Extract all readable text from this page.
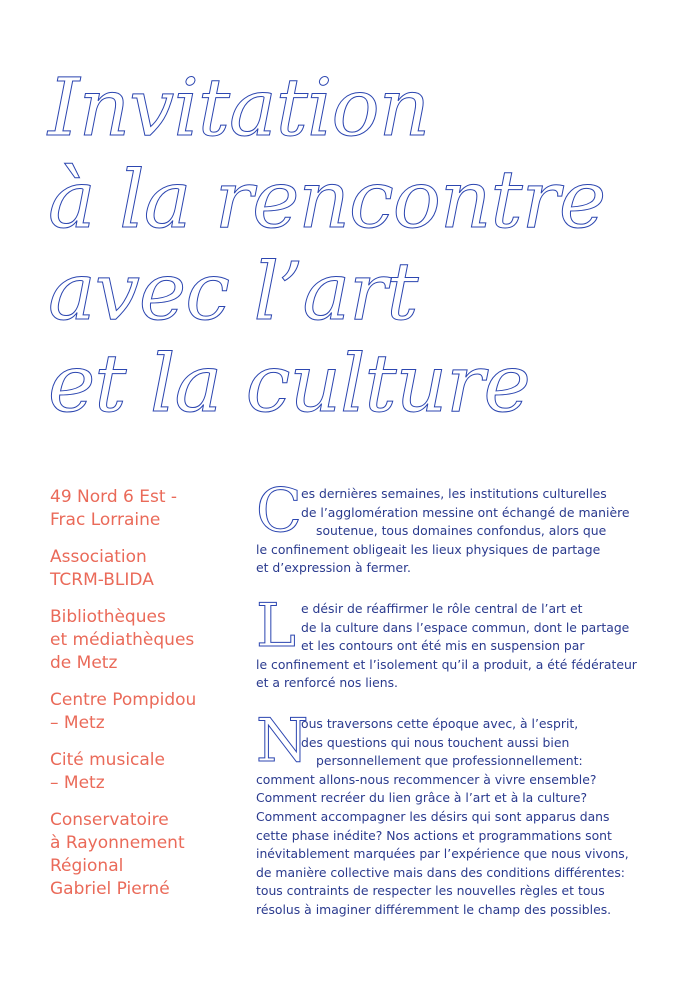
Invitation
à la rencontre
avec l’art
et la culture
49 Nord 6 Est -
Frac Lorraine
Association
TCRM-BLIDA
Bibliothèques
et médiathèques
de Metz
Centre Pompidou
– Metz
Cité musicale
– Metz
Conservatoire
à Rayonnement
Régional
Gabriel Pierné
C es dernières semaines, les institutions culturelles
de l’agglomération messine ont échangé de manière
soutenue, tous domaines confondus, alors que
le confinement obligeait les lieux physiques de partage
et d’expression à fermer.
L e désir de réaffirmer le rôle central de l’art et
de la culture dans l’espace commun, dont le partage
et les contours ont été mis en suspension par
le confinement et l’isolement qu’il a produit, a été fédérateur
et a renforcé nos liens.
N
ous traversons cette époque avec, à l’esprit,
des questions qui nous touchent aussi bien
personnellement que professionnellement:
comment allons-nous recommencer à vivre ensemble?
Comment recréer du lien grâce à l’art et à la culture?
Comment accompagner les désirs qui sont apparus dans
cette phase inédite? Nos actions et programmations sont
inévitablement marquées par l’expérience que nous vivons,
de manière collective mais dans des conditions différentes:
tous contraints de respecter les nouvelles règles et tous
résolus à imaginer différemment le champ des possibles.
